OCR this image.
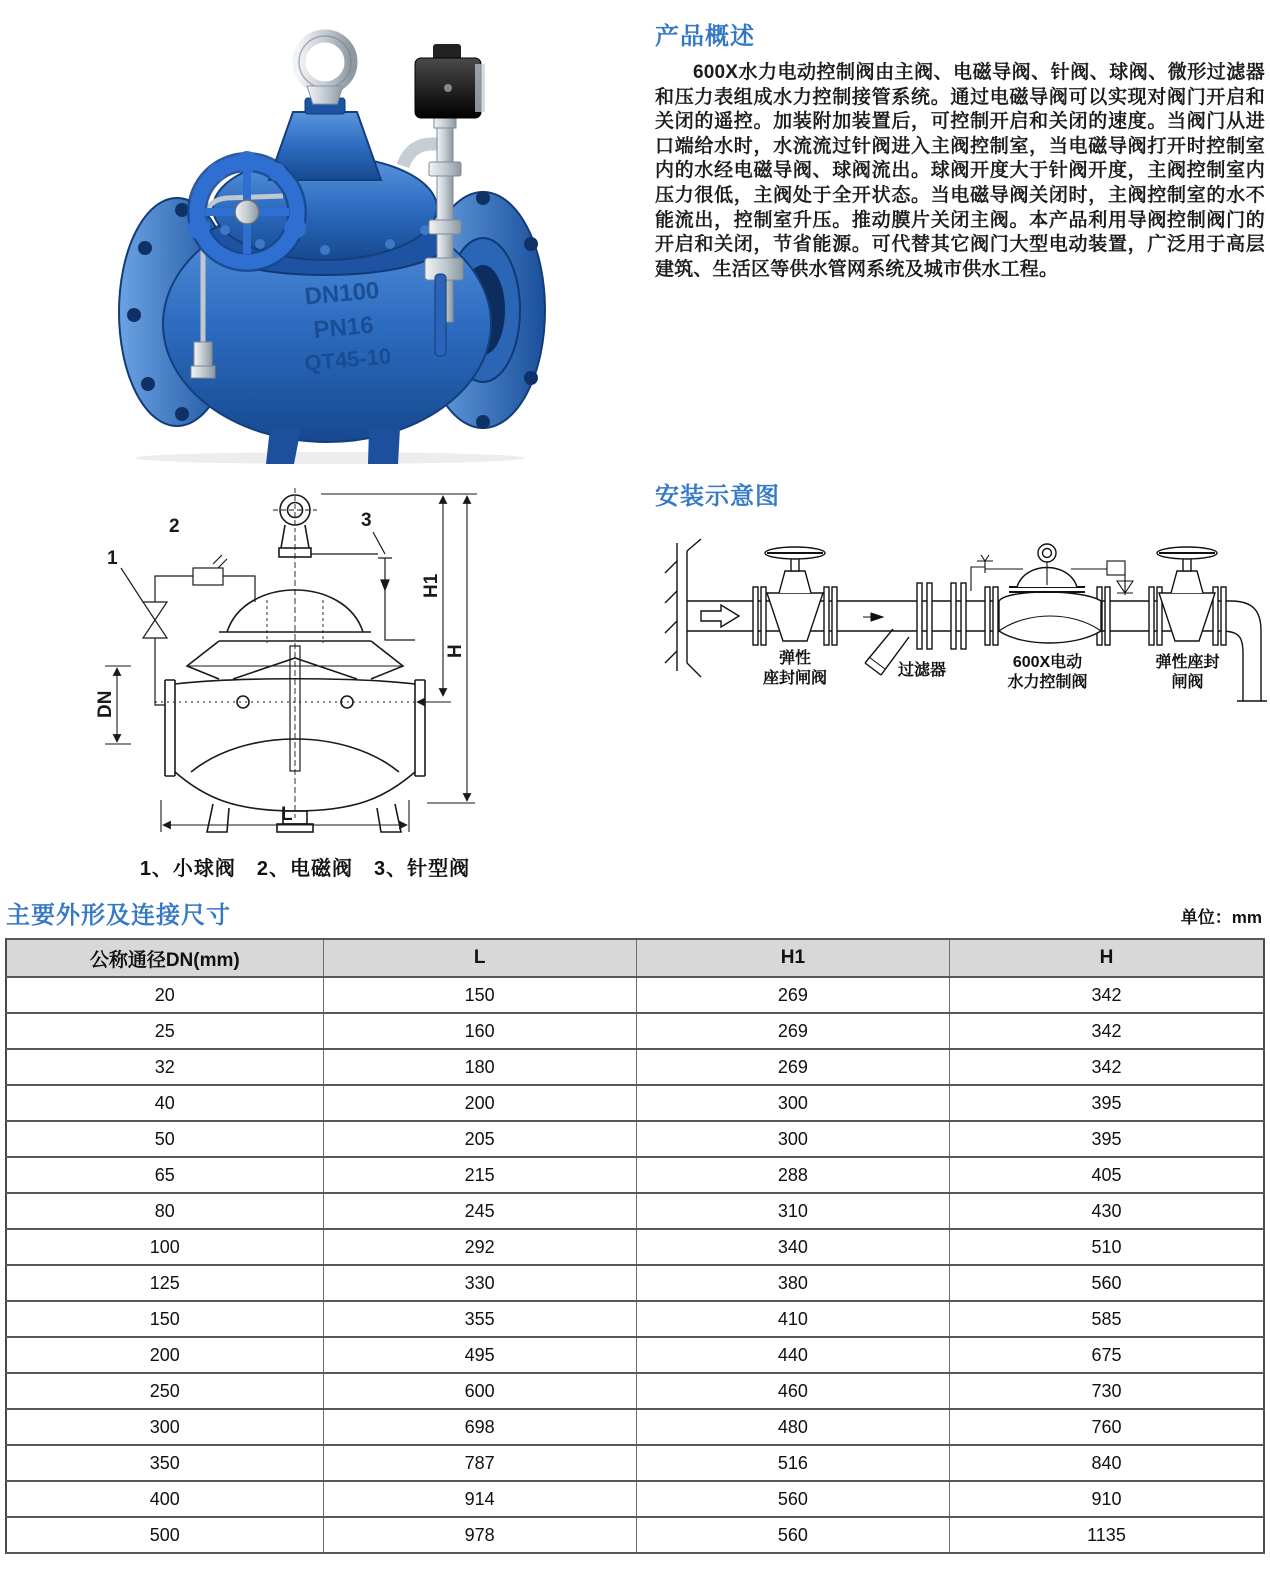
DN100
PN16
QT45-10
产品概述

600X水力电动控制阀由主阀、电磁导阀、针阀、球阀、微形过滤器和压力表组成水力控制接管系统。通过电磁导阀可以实现对阀门开启和关闭的遥控。加装附加装置后，可控制开启和关闭的速度。当阀门从进口端给水时，水流流过针阀进入主阀控制室，当电磁导阀打开时控制室内的水经电磁导阀、球阀流出。球阀开度大于针阀开度，主阀控制室内压力很低，主阀处于全开状态。当电磁导阀关闭时，主阀控制室的水不能流出，控制室升压。推动膜片关闭主阀。本产品利用导阀控制阀门的开启和关闭，节省能源。可代替其它阀门大型电动装置，广泛用于高层建筑、生活区等供水管网系统及城市供水工程。

1
2	3
H1
H
L
DN
1、小球阀　2、电磁阀　3、针型阀
安装示意图
弹性
座封闸阀	过滤器	600X电动
水力控制阀
弹性座封
闸阀
主要外形及连接尺寸	单位：mm
公称通径DN(mm)	L	H1	H
20	150	269	342
25	160	269	342
32	180	269	342
40	200	300	395
50	205	300	395
65	215	288	405
80	245	310	430
100	292	340	510
125	330	380	560
150	355	410	585
200	495	440	675
250	600	460	730
300	698	480	760
350	787	516	840
400	914	560	910
500	978	560	1135
